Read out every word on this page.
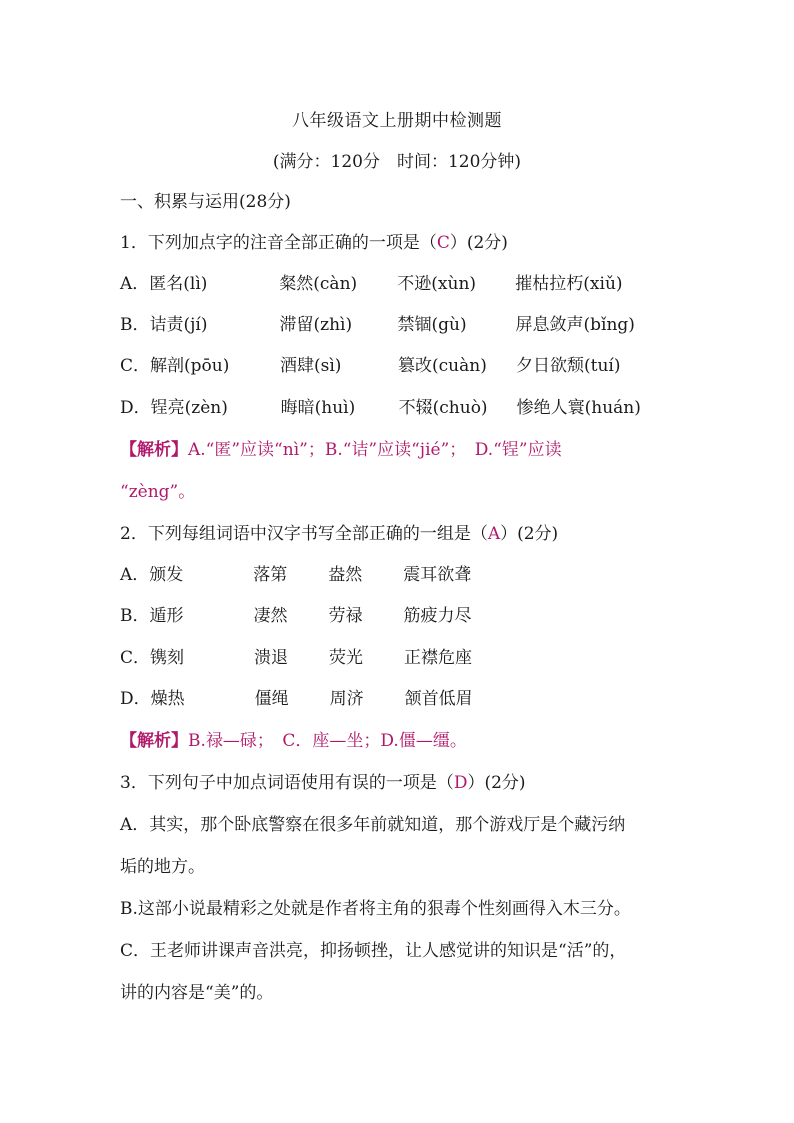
八年级语文上册期中检测题
(满分：120分　时间：120分钟)
一、积累与运用(28分)
1．下列加点字的注音全部正确的一项是（C）(2分)
A．匿名(lì)	粲然(càn) 不逊(xùn) 摧枯拉朽(xiǔ)
B．诘责(jí)	滞留(zhì)	禁锢(gù)	屏息敛声(bǐng)
C．解剖(pōu)	酒肆(sì)	篡改(cuàn) 夕日欲颓(tuí)
D．锃亮(zèn)	晦暗(huì)	不辍(chuò) 惨绝人寰(huán)
【解析】A.“匿”应读“nì”；B.“诘”应读“jié”；　D.“锃”应读
“zèng”。
2．下列每组词语中汉字书写全部正确的一组是（A）(2分)
A．颁发	落第 盎然 震耳欲聋
B．遁形	凄然 劳禄 筋疲力尽
C．镌刻	溃退 荧光 正襟危座
D．燥热	僵绳 周济 颔首低眉
【解析】B.禄—碌；　C．座—坐；D.僵—缰。
3．下列句子中加点词语使用有误的一项是（D）(2分)
A．其实，那个卧底警察在很多年前就知道，那个游戏厅是个藏污纳
垢的地方。
B.这部小说最精彩之处就是作者将主角的狠毒个性刻画得入木三分。
C．王老师讲课声音洪亮，抑扬顿挫，让人感觉讲的知识是“活”的，
讲的内容是“美”的。
